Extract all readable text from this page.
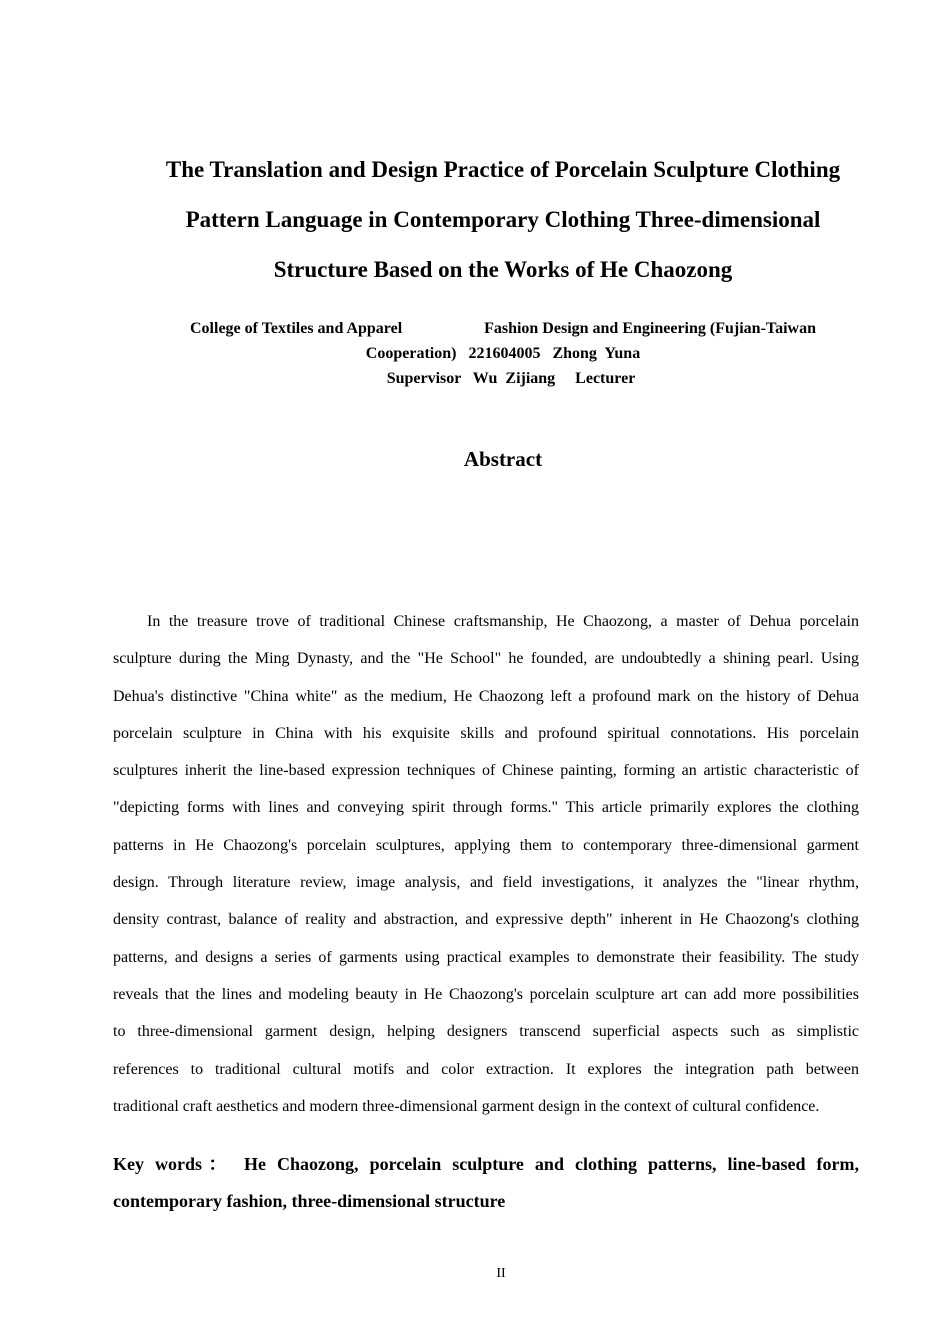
The Translation and Design Practice of Porcelain Sculpture Clothing
Pattern Language in Contemporary Clothing Three-dimensional
Structure Based on the Works of He Chaozong
College of Textiles and Apparel	Fashion Design and Engineering (Fujian-Taiwan
Cooperation)   221604005   Zhong  Yuna
Supervisor   Wu  Zijiang     Lecturer
Abstract
In the treasure trove of traditional Chinese craftsmanship, He Chaozong, a master of Dehua porcelain
sculpture during the Ming Dynasty, and the "He School" he founded, are undoubtedly a shining pearl. Using
Dehua's distinctive "China white" as the medium, He Chaozong left a profound mark on the history of Dehua
porcelain sculpture in China with his exquisite skills and profound spiritual connotations. His porcelain
sculptures inherit the line-based expression techniques of Chinese painting, forming an artistic characteristic of
"depicting forms with lines and conveying spirit through forms." This article primarily explores the clothing
patterns in He Chaozong's porcelain sculptures, applying them to contemporary three-dimensional garment
design. Through literature review, image analysis, and field investigations, it analyzes the "linear rhythm,
density contrast, balance of reality and abstraction, and expressive depth" inherent in He Chaozong's clothing
patterns, and designs a series of garments using practical examples to demonstrate their feasibility. The study
reveals that the lines and modeling beauty in He Chaozong's porcelain sculpture art can add more possibilities
to three-dimensional garment design, helping designers transcend superficial aspects such as simplistic
references to traditional cultural motifs and color extraction. It explores the integration path between
traditional craft aesthetics and modern three-dimensional garment design in the context of cultural confidence.
Key words： He Chaozong, porcelain sculpture and clothing patterns, line-based form,
contemporary fashion, three-dimensional structure
II
